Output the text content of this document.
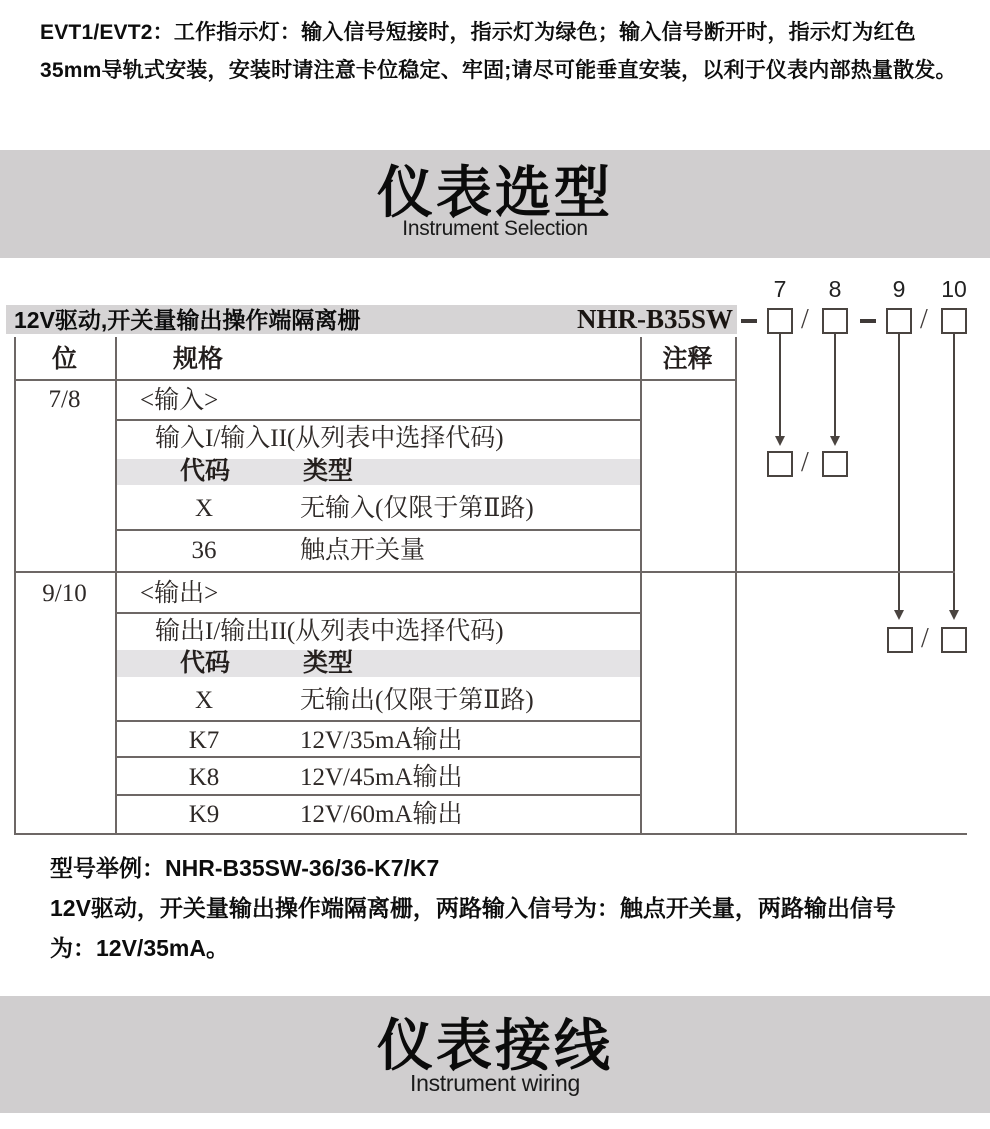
EVT1/EVT2：工作指示灯：输入信号短接时，指示灯为绿色；输入信号断开时，指示灯为红色
35mm导轨式安装，安装时请注意卡位稳定、牢固;请尽可能垂直安装，以利于仪表内部热量散发。
仪表选型
Instrument Selection
12V驱动,开关量输出操作端隔离栅	NHR-B35SW
7 8 9 10
/	/
/
/
位	规格	注释
7/8	<输入>
输入I/输入II(从列表中选择代码)
代码	类型
X	无输入(仅限于第Ⅱ路)
36	触点开关量
9/10	<输出>
输出I/输出II(从列表中选择代码)
代码	类型
X	无输出(仅限于第Ⅱ路)
K7	12V/35mA输出
K8	12V/45mA输出
K9	12V/60mA输出
型号举例：NHR-B35SW-36/36-K7/K7
12V驱动，开关量输出操作端隔离栅，两路输入信号为：触点开关量，两路输出信号
为：12V/35mA。
仪表接线
Instrument wiring
